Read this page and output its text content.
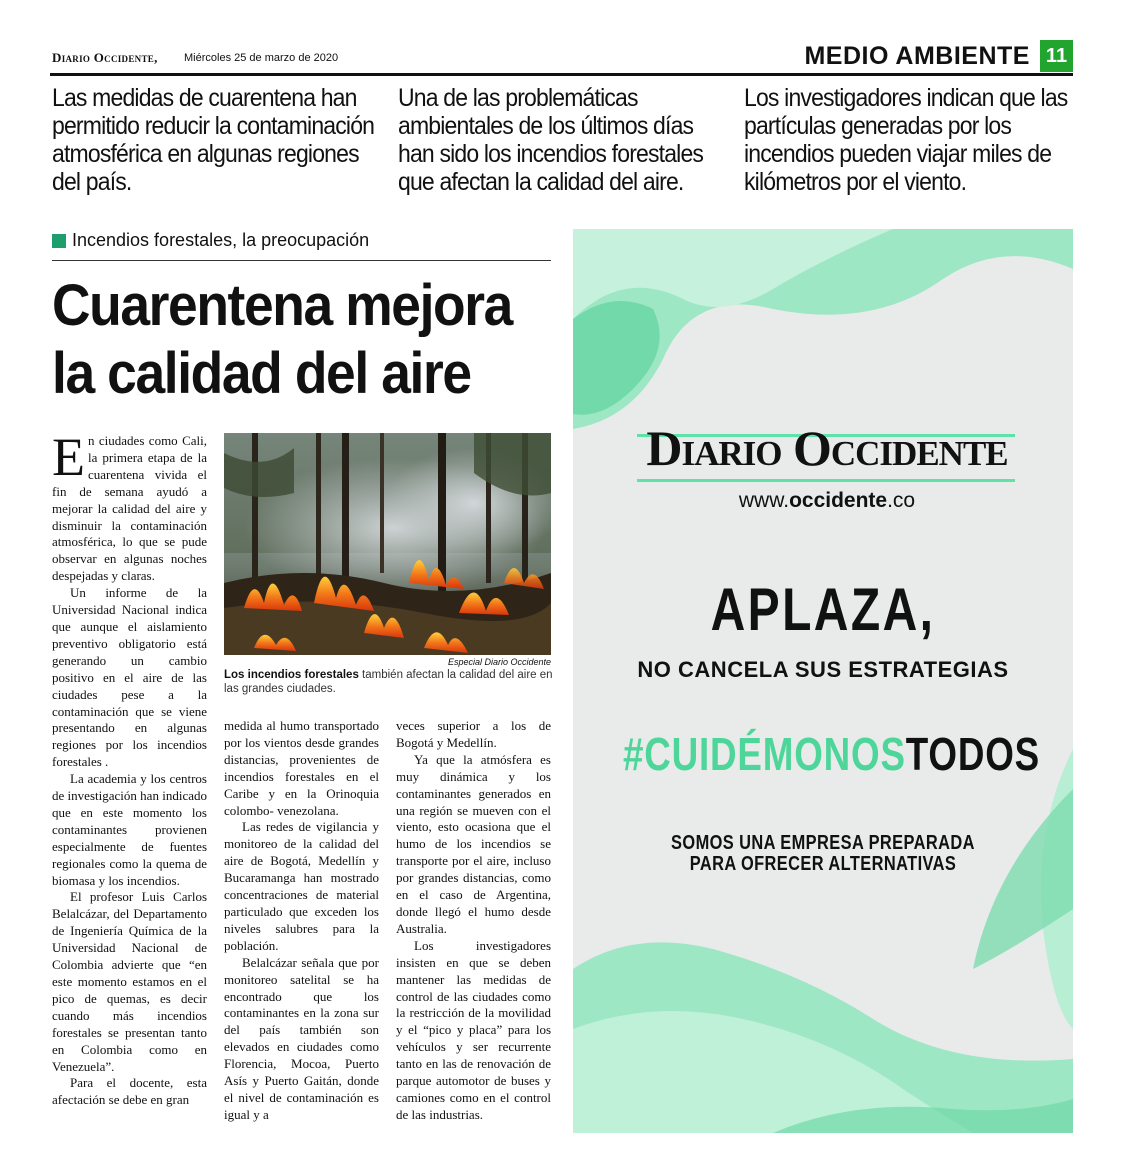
Diario Occidente, Miércoles 25 de marzo de 2020	MEDIO AMBIENTE 11
Las medidas de cuarentena han permitido reducir la contaminación atmosférica en algunas regiones del país.
Una de las problemáticas ambientales de los últimos días han sido los incendios forestales que afectan la calidad del aire.
Los investigadores indican que las partículas generadas por los incendios pueden viajar miles de kilómetros por el viento.
Incendios forestales, la preocupación
Cuarentena mejora la calidad del aire

En ciudades como Cali, la primera etapa de la cuarentena vivida el fin de semana ayudó a mejorar la calidad del aire y disminuir la contaminación atmosférica, lo que se pude observar en algunas noches despejadas y claras.

Un informe de la Universidad Nacional indica que aunque el aislamiento preventivo obligatorio está generando un cambio positivo en el aire de las ciudades pese a la contaminación que se viene presentando en algunas regiones por los incendios forestales .

La academia y los centros de investigación han indicado que en este momento los contaminantes provienen especialmente de fuentes regionales como la quema de biomasa y los incendios.

El profesor Luis Carlos Belalcázar, del Departamento de Ingeniería Química de la Universidad Nacional de Colombia advierte que “en este momento estamos en el pico de quemas, es decir cuando más incendios forestales se presentan tanto en Colombia como en Venezuela”.

Para el docente, esta afectación se debe en gran

Especial Diario Occidente
Los incendios forestales también afectan la calidad del aire en las grandes ciudades.

medida al humo transportado por los vientos desde grandes distancias, provenientes de incendios forestales en el Caribe y en la Orinoquia colombo- venezolana.

Las redes de vigilancia y monitoreo de la calidad del aire de Bogotá, Medellín y Bucaramanga han mostrado concentraciones de material particulado que exceden los niveles salubres para la población.

Belalcázar señala que por monitoreo satelital se ha encontrado que los contaminantes en la zona sur del país también son elevados en ciudades como Florencia, Mocoa, Puerto Asís y Puerto Gaitán, donde el nivel de contaminación es igual y a

veces superior a los de Bogotá y Medellín.

Ya que la atmósfera es muy dinámica y los contaminantes generados en una región se mueven con el viento, esto ocasiona que el humo de los incendios se transporte por el aire, incluso por grandes distancias, como en el caso de Argentina, donde llegó el humo desde Australia.

Los investigadores insisten en que se deben mantener las medidas de control de las ciudades como la restricción de la movilidad y el “pico y placa” para los vehículos y ser recurrente tanto en las de renovación de parque automotor de buses y camiones como en el control de las industrias.

Diario Occidente
www.occidente.co
APLAZA,
NO CANCELA SUS ESTRATEGIAS
#CUIDÉMONOSTODOS
SOMOS UNA EMPRESA PREPARADA
PARA OFRECER ALTERNATIVAS
